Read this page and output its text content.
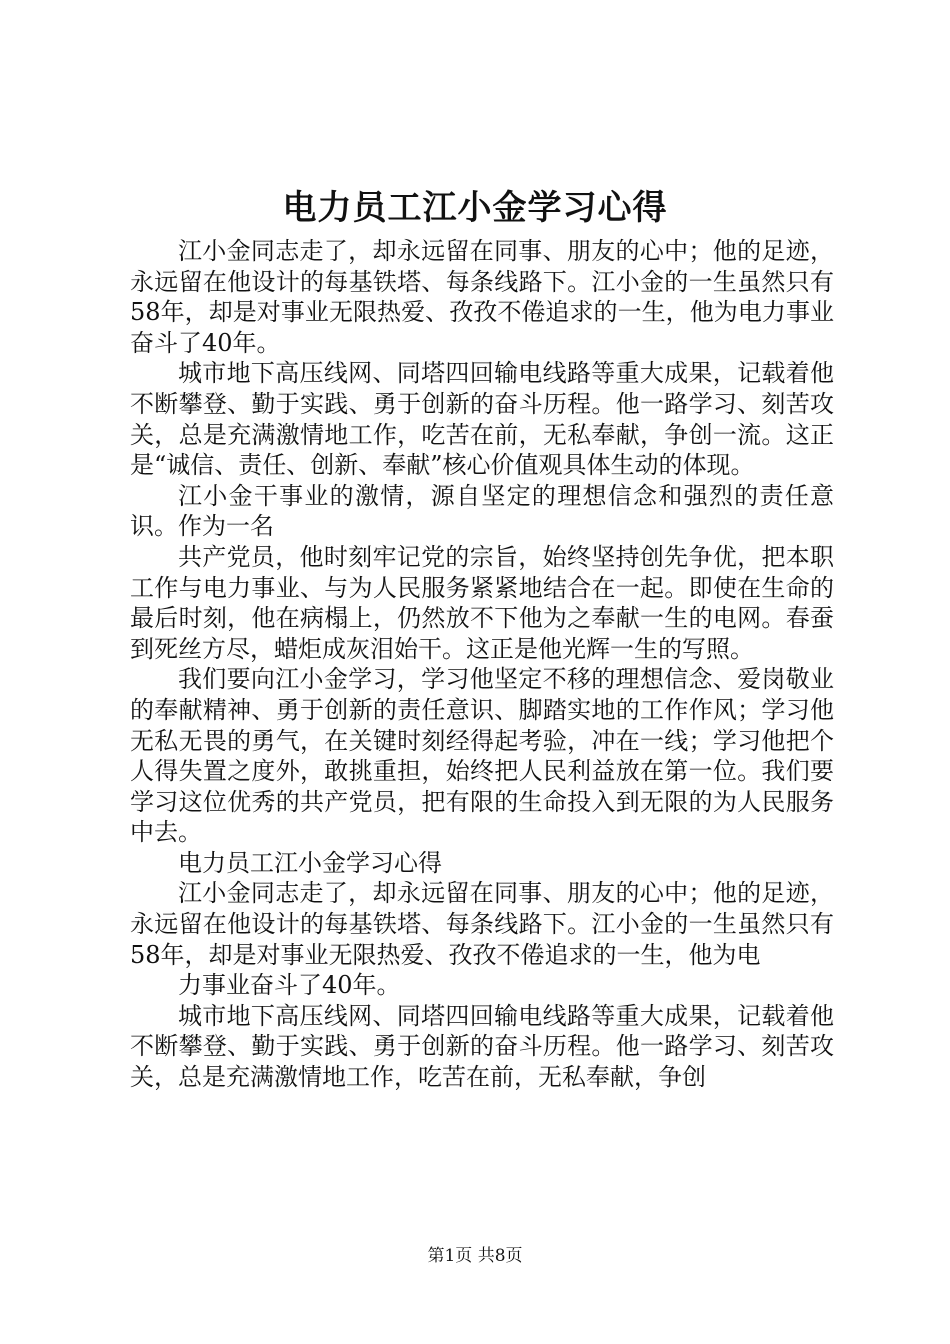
电力员工江小金学习心得

江小金同志走了，却永远留在同事、朋友的心中；他的足迹，永远留在他设计的每基铁塔、每条线路下。江小金的一生虽然只有58年，却是对事业无限热爱、孜孜不倦追求的一生，他为电力事业奋斗了40年。

城市地下高压线网、同塔四回输电线路等重大成果，记载着他不断攀登、勤于实践、勇于创新的奋斗历程。他一路学习、刻苦攻关，总是充满激情地工作，吃苦在前，无私奉献，争创一流。这正是“诚信、责任、创新、奉献”核心价值观具体生动的体现。

江小金干事业的激情，源自坚定的理想信念和强烈的责任意识。作为一名

共产党员，他时刻牢记党的宗旨，始终坚持创先争优，把本职工作与电力事业、与为人民服务紧紧地结合在一起。即使在生命的最后时刻，他在病榻上，仍然放不下他为之奉献一生的电网。春蚕到死丝方尽，蜡炬成灰泪始干。这正是他光辉一生的写照。

我们要向江小金学习，学习他坚定不移的理想信念、爱岗敬业的奉献精神、勇于创新的责任意识、脚踏实地的工作作风；学习他无私无畏的勇气，在关键时刻经得起考验，冲在一线；学习他把个人得失置之度外，敢挑重担，始终把人民利益放在第一位。我们要学习这位优秀的共产党员，把有限的生命投入到无限的为人民服务中去。

电力员工江小金学习心得

江小金同志走了，却永远留在同事、朋友的心中；他的足迹，永远留在他设计的每基铁塔、每条线路下。江小金的一生虽然只有58年，却是对事业无限热爱、孜孜不倦追求的一生，他为电

力事业奋斗了40年。

城市地下高压线网、同塔四回输电线路等重大成果，记载着他不断攀登、勤于实践、勇于创新的奋斗历程。他一路学习、刻苦攻关，总是充满激情地工作，吃苦在前，无私奉献，争创

第1页 共8页
